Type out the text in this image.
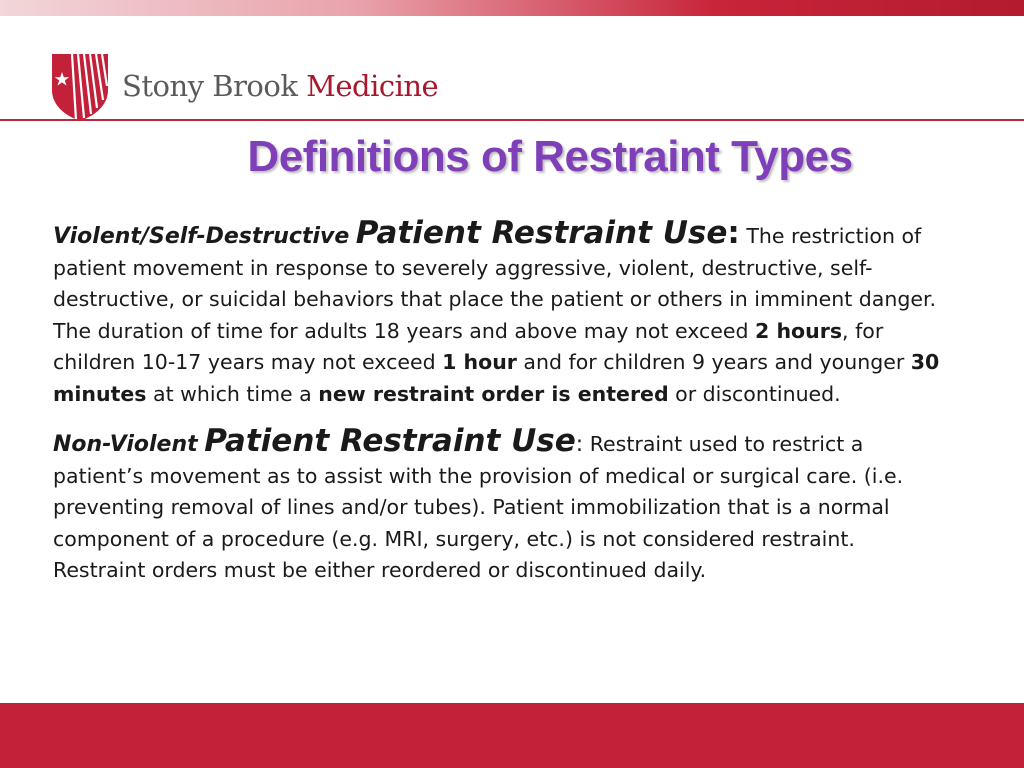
Stony Brook Medicine
Definitions of Restraint Types

Violent/Self-Destructive Patient Restraint Use: The restriction of patient movement in response to severely aggressive, violent, destructive, self-destructive, or suicidal behaviors that place the patient or others in imminent danger. The duration of time for adults 18 years and above may not exceed 2 hours, for children 10-17 years may not exceed 1 hour and for children 9 years and younger 30 minutes at which time a new restraint order is entered or discontinued.

Non-Violent Patient Restraint Use: Restraint used to restrict a patient’s movement as to assist with the provision of medical or surgical care. (i.e. preventing removal of lines and/or tubes). Patient immobilization that is a normal component of a procedure (e.g. MRI, surgery, etc.) is not considered restraint. Restraint orders must be either reordered or discontinued daily.
